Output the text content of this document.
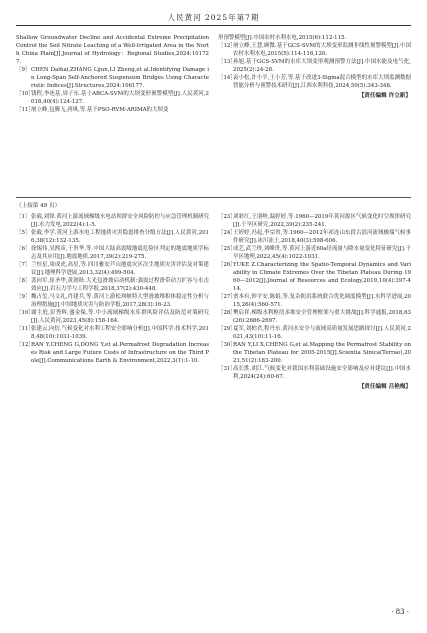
人民黄河 2025年第7期

Shallow Groundwater Decline and Accidental Extreme Precipitation Control the Soil Nitrate Leaching of a Well-Irrigated Area in the North China Plain[J].Journal of Hydrology：Regional Studies,2024:101727.

［9］ CHEN Daihai,ZHANG Lijun,LI Zheng,et al.Identifying Damage in Long-Span Self-Anchored Suspension Bridges Using Characteristic Indices[J].Structures,2024:106177.
［10］
钱程,李连基,周子东.基于ABCA-SVM的大坝变形预警模型[J].人民黄河,2018,40(4):124-127.
［11］
屠立峰,包腾飞,唐琪,等.基于PSO-RVM-ARIMA的大坝变

形预警模型[J].中国农村水利水电,2015(6):112-115.

［12］
屠立峰,王慧,顾微.基于GCS-SVM的大坝变形监测非线性预警模型[J].中国农村水利水电,2015(5):114-116,120.
［13］
孙旭.基于GCS-SVM的水库大坝变形观测预警方法[J].中国水能及电气化,2025(2):24-28.
［14］
袁小松,许小平,王小芳,等.基于改进3-Sigma混合模型的水库大坝监测数据智能分析与预警技术研究[J].江西水利科技,2024,50(5):343-348.
【责任编辑 许立新】
（上接第 49 页）
［1］ 张毅,刘锋.黄河上游流域梯级水电站坝群安全风险防控与应急管理机制研究[J].水力发电,2022(4):1-5.
［5］ 张毅,李学.黄河上游水电工程地质灾害隐患排查分级方法[J].人民黄河,2016,38(12):132-135.
［6］ 徐锡伟,吴熙彦,于贵华,等.中国大陆高震级地震危险区判定的地震地质学标志及其应用[J].地震地质,2017,39(2):219-275.
［7］ 兰恒星,周成虎,高星,等.四川雅安芦山地震灾区次生地质灾害评估及对策建议[J].地理科学进展,2013,32(4):499-504.
［8］ 裴向军,崔圣华,黄润秋.大光包滑坡启动机制:强震过程滑带动力扩容与水击效应[J].岩石力学与工程学报,2018,37(2):430-448.
［9］ 魏占玺,马文礼,肖建兵,等.黄河上游松坝峡特大型滑坡堆积体稳定性分析与治理措施[J].中国地质灾害与防治学报,2017,28(3):16-23.
［10］
谢主庭,彭秀辉,盛金保,等.中小流域梯级水库群风险评估及防范对策研究[J].人民黄河,2023,45(8):158-164.
［11］
张建云,向衍.气候变化对水利工程安全影响分析[J].中国科学:技术科学,2018,48(10):1031-1039.
［12］
RAN Y,CHENG G,DONG Y,et al.Permafrost Degradation Increases Risk and Large Future Costs of Infrastructure on the Third Pole[J].Communications Earth & Environment,2022,3(1):1-10.
［23］
刘彩红,王朋岭,温婷婷,等.1960—2019年黄河源区气候变化时空规律研究[J].干旱区研究,2022,39(2):235-241.
［24］
王婷婷,冯起,李宗省,等.1960—2012年祁连山东段古浪河流域极端气候事件研究[J].冰川冻土,2018,40(3):598-606.
［25］
成艺,武兰珍,刘峰贵,等.黄河上游近60a径流量与降水量变化特征研究[J].干旱区地理,2022,45(4):1022-1031.
［26］
YUKE Z.Characterizing the Spatio-Temporal Dynamics and Variability in Climate Extremes Over the Tibetan Plateau During 1960—2012[J].Journal of Resources and Ecology,2019,10(4):397-414.
［27］
贾本有,钟平安,陈娟,等.复杂防洪系统联合优化调度模型[J].水科学进展,2015,26(4):560-571.
［28］
樊启祥.梯级水利枢纽多维安全管理框架与重大挑战[J].科学通报,2018,63(26):2686-2697.
［29］
夏军,刘柏君,程丹东.黄河水安全与流域高质量发展思路探讨[J].人民黄河,2021,43(10):11-16.
［30］
RAN Y,LI X,CHENG G,et al.Mapping the Permafrost Stability on the Tibetan Plateau for 2005-2015[J].Scientia Sinica(Terrae),2021,51(2):183-200.
［31］
高长胜,胡江.气候变化对我国水利基础设施安全影响及应对建议[J].中国水利,2024(24):60-67.
【责任编辑 吕艳梅】
· 83 ·
